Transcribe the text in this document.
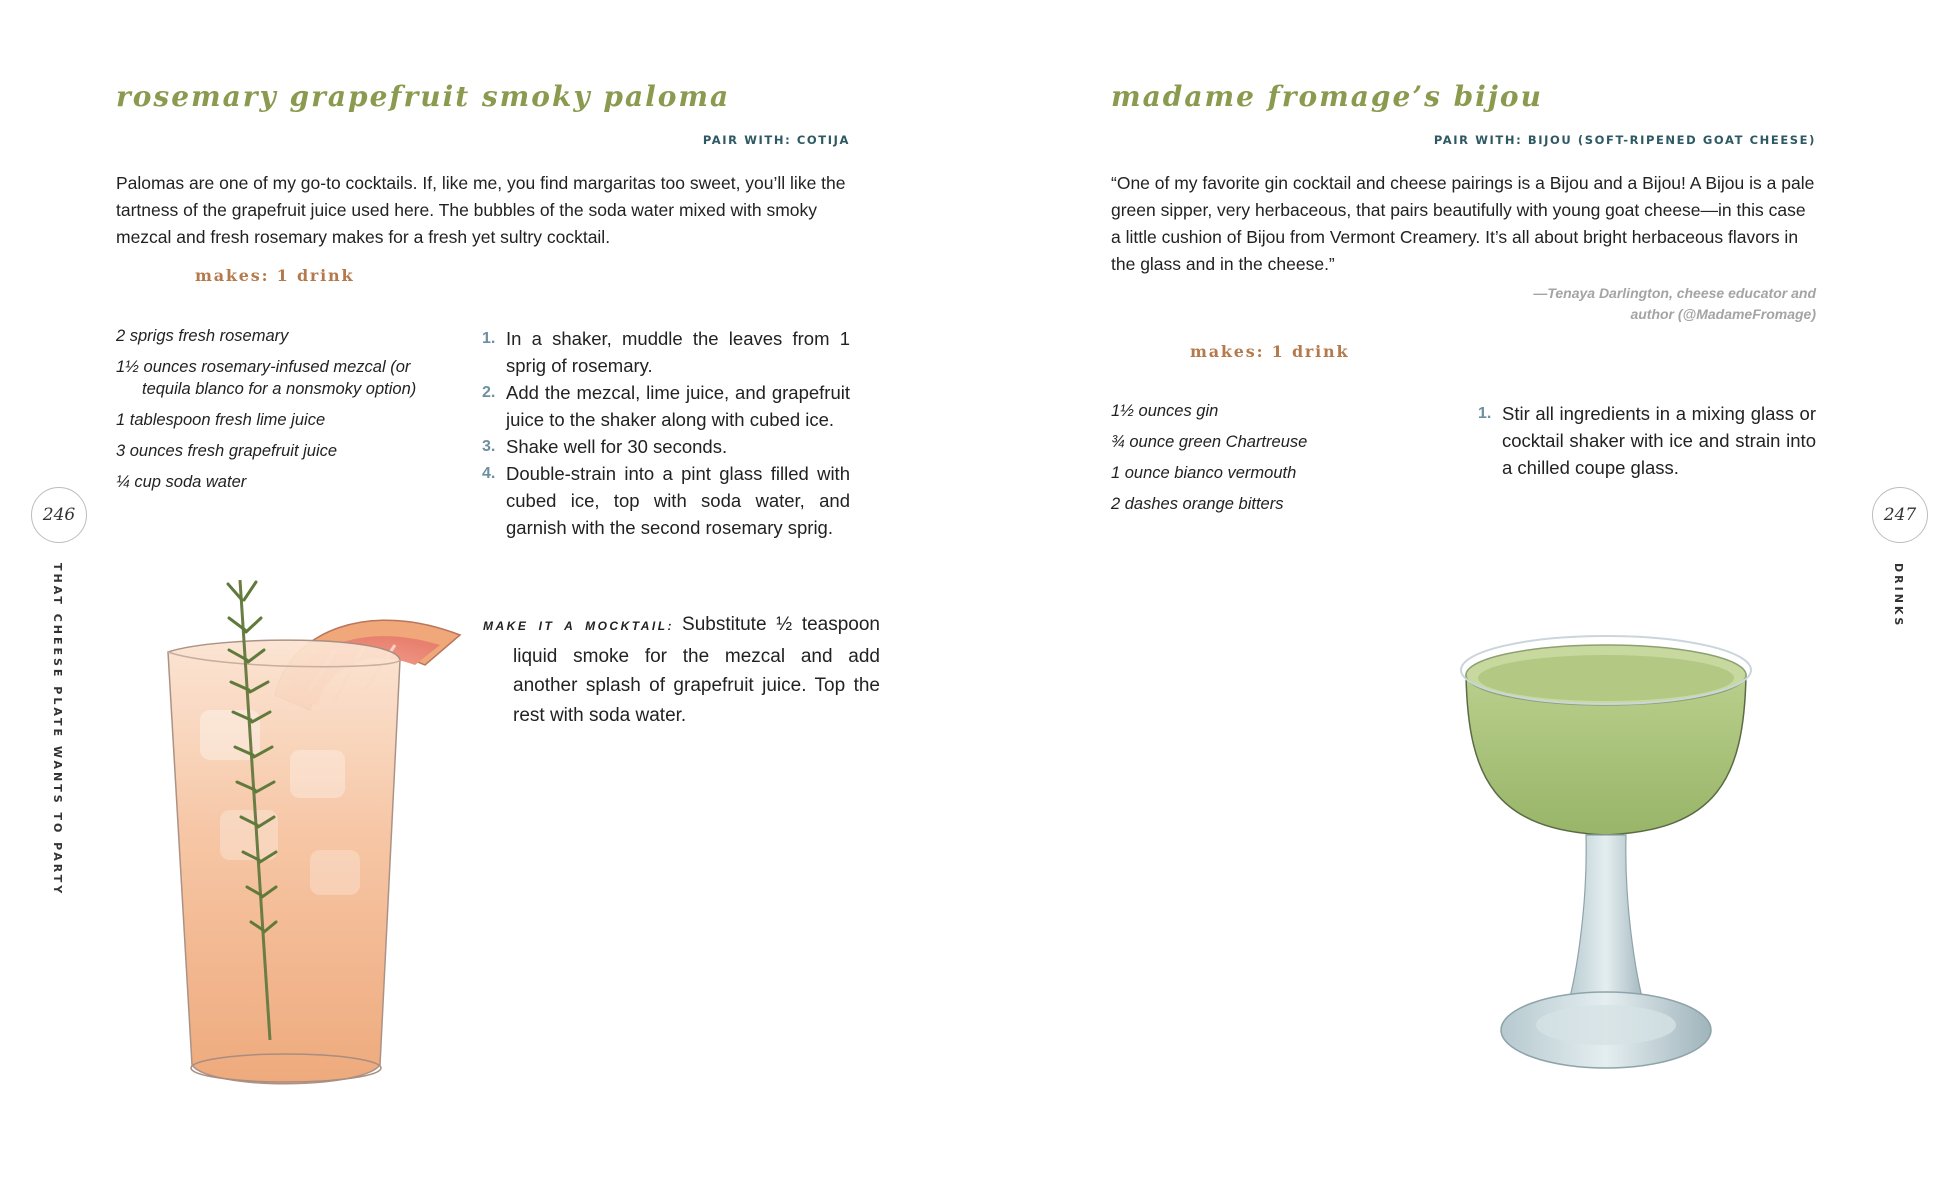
rosemary grapefruit smoky paloma

PAIR WITH: COTIJA

Palomas are one of my go-to cocktails. If, like me, you find margaritas too sweet, you’ll like the tartness of the grapefruit juice used here. The bubbles of the soda water mixed with smoky mezcal and fresh rosemary makes for a fresh yet sultry cocktail.

makes: 1 drink

2 sprigs fresh rosemary
1½ ounces rosemary-infused mezcal (or tequila blanco for a nonsmoky option)
1 tablespoon fresh lime juice
3 ounces fresh grapefruit juice
¼ cup soda water
1. In a shaker, muddle the leaves from 1 sprig of rosemary.
2. Add the mezcal, lime juice, and grapefruit juice to the shaker along with cubed ice.
3. Shake well for 30 seconds.
4. Double-strain into a pint glass filled with cubed ice, top with soda water, and garnish with the second rosemary sprig.

MAKE IT A MOCKTAIL: Substitute ½ teaspoon liquid smoke for the mezcal and add another splash of grapefruit juice. Top the rest with soda water.

246

THAT CHEESE PLATE WANTS TO PARTY

madame fromage’s bijou

PAIR WITH: BIJOU (SOFT-RIPENED GOAT CHEESE)

“One of my favorite gin cocktail and cheese pairings is a Bijou and a Bijou! A Bijou is a pale green sipper, very herbaceous, that pairs beautifully with young goat cheese—in this case a little cushion of Bijou from Vermont Creamery. It’s all about bright herbaceous flavors in the glass and in the cheese.”

—Tenaya Darlington, cheese educator and
author (@MadameFromage)

makes: 1 drink

1½ ounces gin
¾ ounce green Chartreuse
1 ounce bianco vermouth
2 dashes orange bitters
1. Stir all ingredients in a mixing glass or cocktail shaker with ice and strain into a chilled coupe glass.
247

DRINKS
